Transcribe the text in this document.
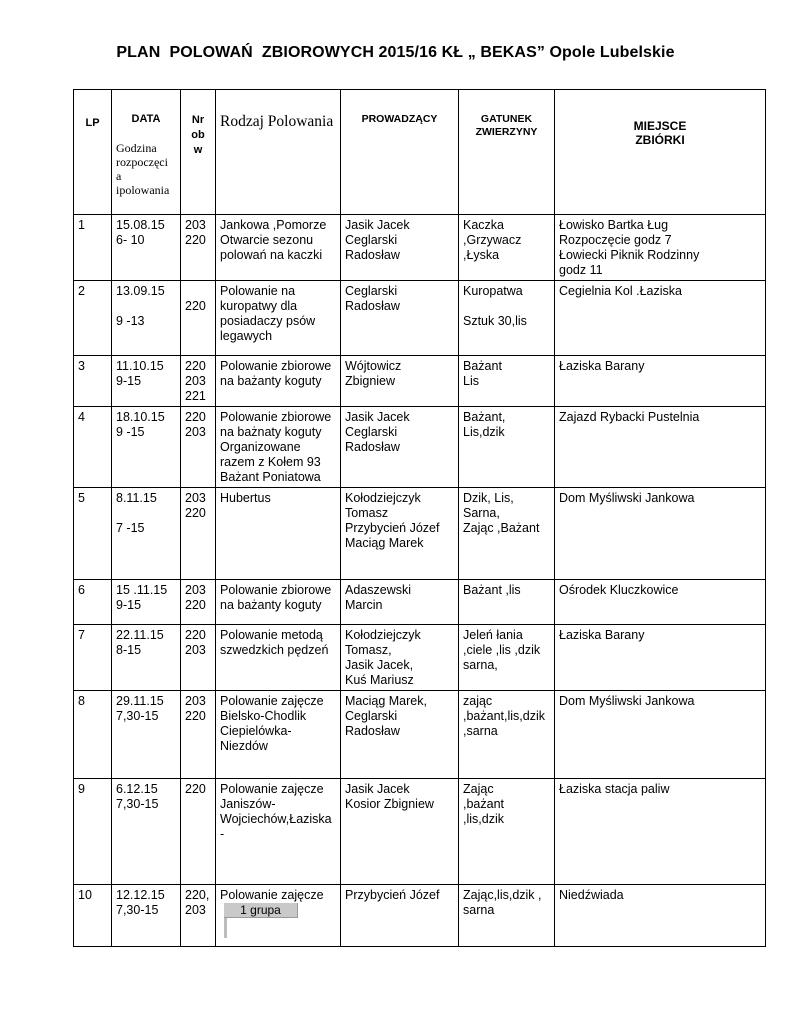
PLAN  POLOWAŃ  ZBIOROWYCH 2015/16 KŁ „ BEKAS” Opole Lubelskie

LP	DATA

Godzina rozpoczęci a ipolowania	Nr
ob
w	Rodzaj Polowania	PROWADZĄCY	GATUNEK
ZWIERZYNY	MIEJSCE
ZBIÓRKI

1	15.08.15
6- 10	203
220	Jankowa ,Pomorze
Otwarcie sezonu
polowań na kaczki	Jasik Jacek
Ceglarski
Radosław	Kaczka
,Grzywacz
,Łyska	Łowisko Bartka Ług
Rozpoczęcie godz 7
Łowiecki Piknik Rodzinny
godz 11
2	13.09.15

9 -13	
220	Polowanie na
kuropatwy dla
posiadaczy psów
legawych	Ceglarski
Radosław	Kuropatwa

Sztuk 30,lis	Cegielnia Kol .Łaziska
3	11.10.15
9-15	220
203
221	Polowanie zbiorowe
na bażanty koguty	Wójtowicz
Zbigniew	Bażant
Lis	Łaziska Barany
4	18.10.15
9 -15	220
203	Polowanie zbiorowe
na bażnaty koguty
Organizowane
razem z Kołem 93
Bażant Poniatowa	Jasik Jacek
Ceglarski Radosław	Bażant,
Lis,dzik	Zajazd Rybacki Pustelnia
5	8.11.15

7 -15	203
220	Hubertus	Kołodziejczyk
Tomasz
Przybycień Józef
Maciąg Marek	Dzik, Lis,
Sarna,
Zając ,Bażant	Dom Myśliwski Jankowa
6	15 .11.15
9-15	203
220	Polowanie zbiorowe
na bażanty koguty	Adaszewski
Marcin	Bażant ,lis	Ośrodek Kluczkowice
7	22.11.15
8-15	220
203	Polowanie metodą
szwedzkich pędzeń	Kołodziejczyk
Tomasz,
Jasik Jacek,
Kuś Mariusz	Jeleń łania
,ciele ,lis ,dzik
sarna,	Łaziska Barany
8	29.11.15
7,30-15	203
220	Polowanie zajęcze
Bielsko-Chodlik
Ciepielówka-
Niezdów	Maciąg Marek,
Ceglarski
Radosław	zając
,bażant,lis,dzik
,sarna	Dom Myśliwski Jankowa
9	6.12.15
7,30-15	220	Polowanie zajęcze
Janiszów-
Wojciechów,Łaziska
-	Jasik Jacek
Kosior Zbigniew	Zając
,bażant
,lis,dzik	Łaziska stacja paliw
10	12.12.15
7,30-15	220,
203	Polowanie zajęcze
1 grupa	Przybycień Józef	Zając,lis,dzik ,
sarna	Niedźwiada
